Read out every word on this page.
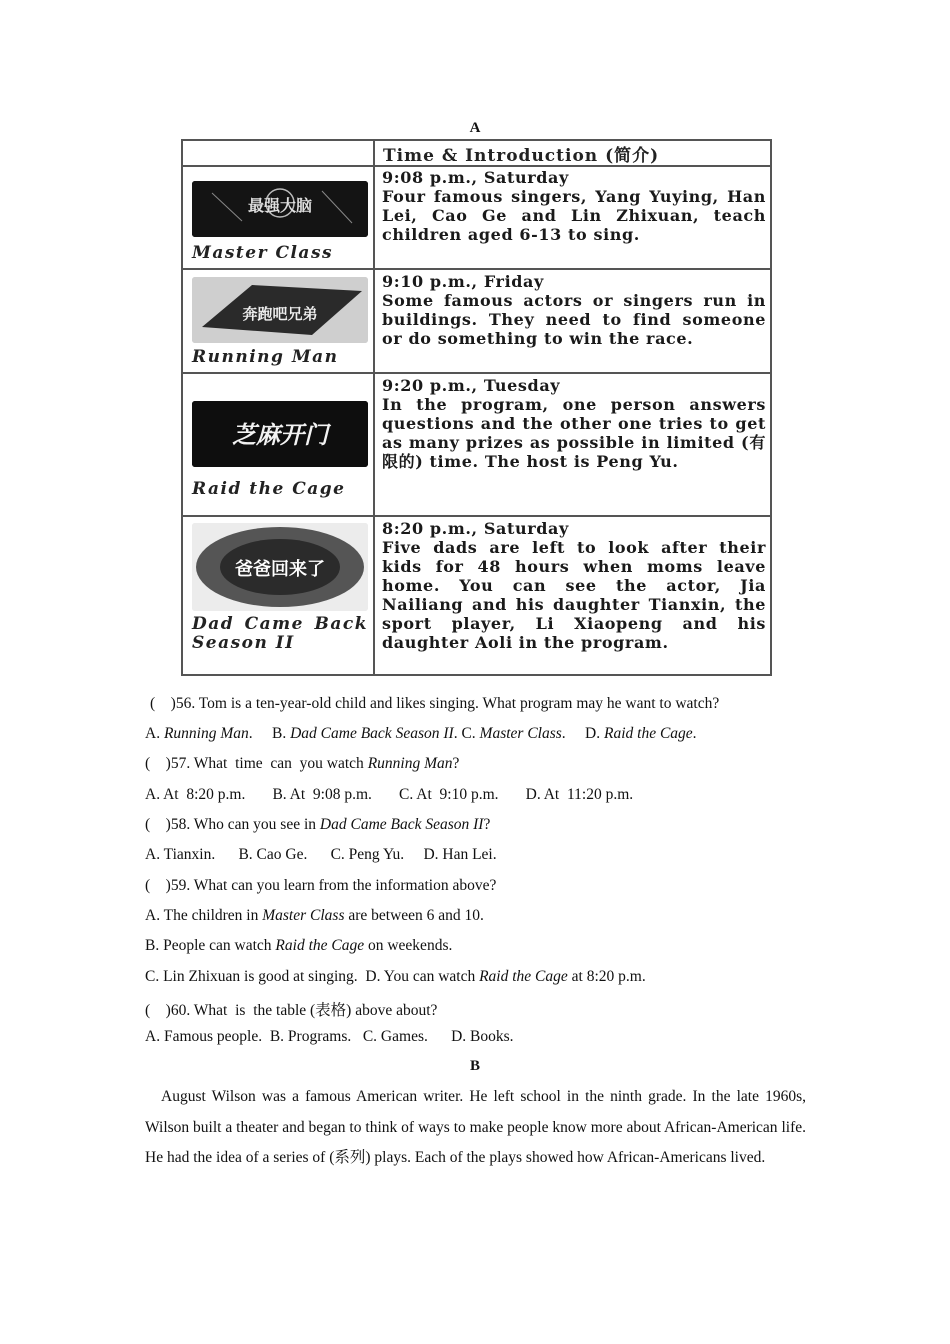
A
Time & Introduction (简介)
最强大脑
Master Class
9:08 p.m., Saturday
Four famous singers, Yang Yuying, Han Lei, Cao Ge and Lin Zhixuan, teach children aged 6-13 to sing.
奔跑吧兄弟
Running Man
9:10 p.m., Friday
Some famous actors or singers run in buildings. They need to find someone or do something to win the race.
芝麻开门
Raid the Cage
9:20 p.m., Tuesday
In the program, one person answers questions and the other one tries to get as many prizes as possible in limited (有限的) time. The host is Peng Yu.
爸爸回来了
Dad Came Back Season II
8:20 p.m., Saturday
Five dads are left to look after their kids for 48 hours when moms leave home. You can see the actor, Jia Nailiang and his daughter Tianxin, the sport player, Li Xiaopeng and his daughter Aoli in the program.
(    )56. Tom is a ten-year-old child and likes singing. What program may he want to watch?
A. Running Man.     B. Dad Came Back Season II. C. Master Class.     D. Raid the Cage.
(    )57. What  time  can  you watch Running Man?
A. At  8:20 p.m.       B. At  9:08 p.m.       C. At  9:10 p.m.       D. At  11:20 p.m.
(    )58. Who can you see in Dad Came Back Season II?
A. Tianxin.      B. Cao Ge.      C. Peng Yu.     D. Han Lei.
(    )59. What can you learn from the information above?
A. The children in Master Class are between 6 and 10.
B. People can watch Raid the Cage on weekends.
C. Lin Zhixuan is good at singing.  D. You can watch Raid the Cage at 8:20 p.m.
(    )60. What  is  the table (表格) above about?
A. Famous people.  B. Programs.   C. Games.      D. Books.
B
August Wilson was a famous American writer. He left school in the ninth grade. In the late 1960s, Wilson built a theater and began to think of ways to make people know more about African-American life. He had the idea of a series of (系列) plays. Each of the plays showed how African-Americans lived.
